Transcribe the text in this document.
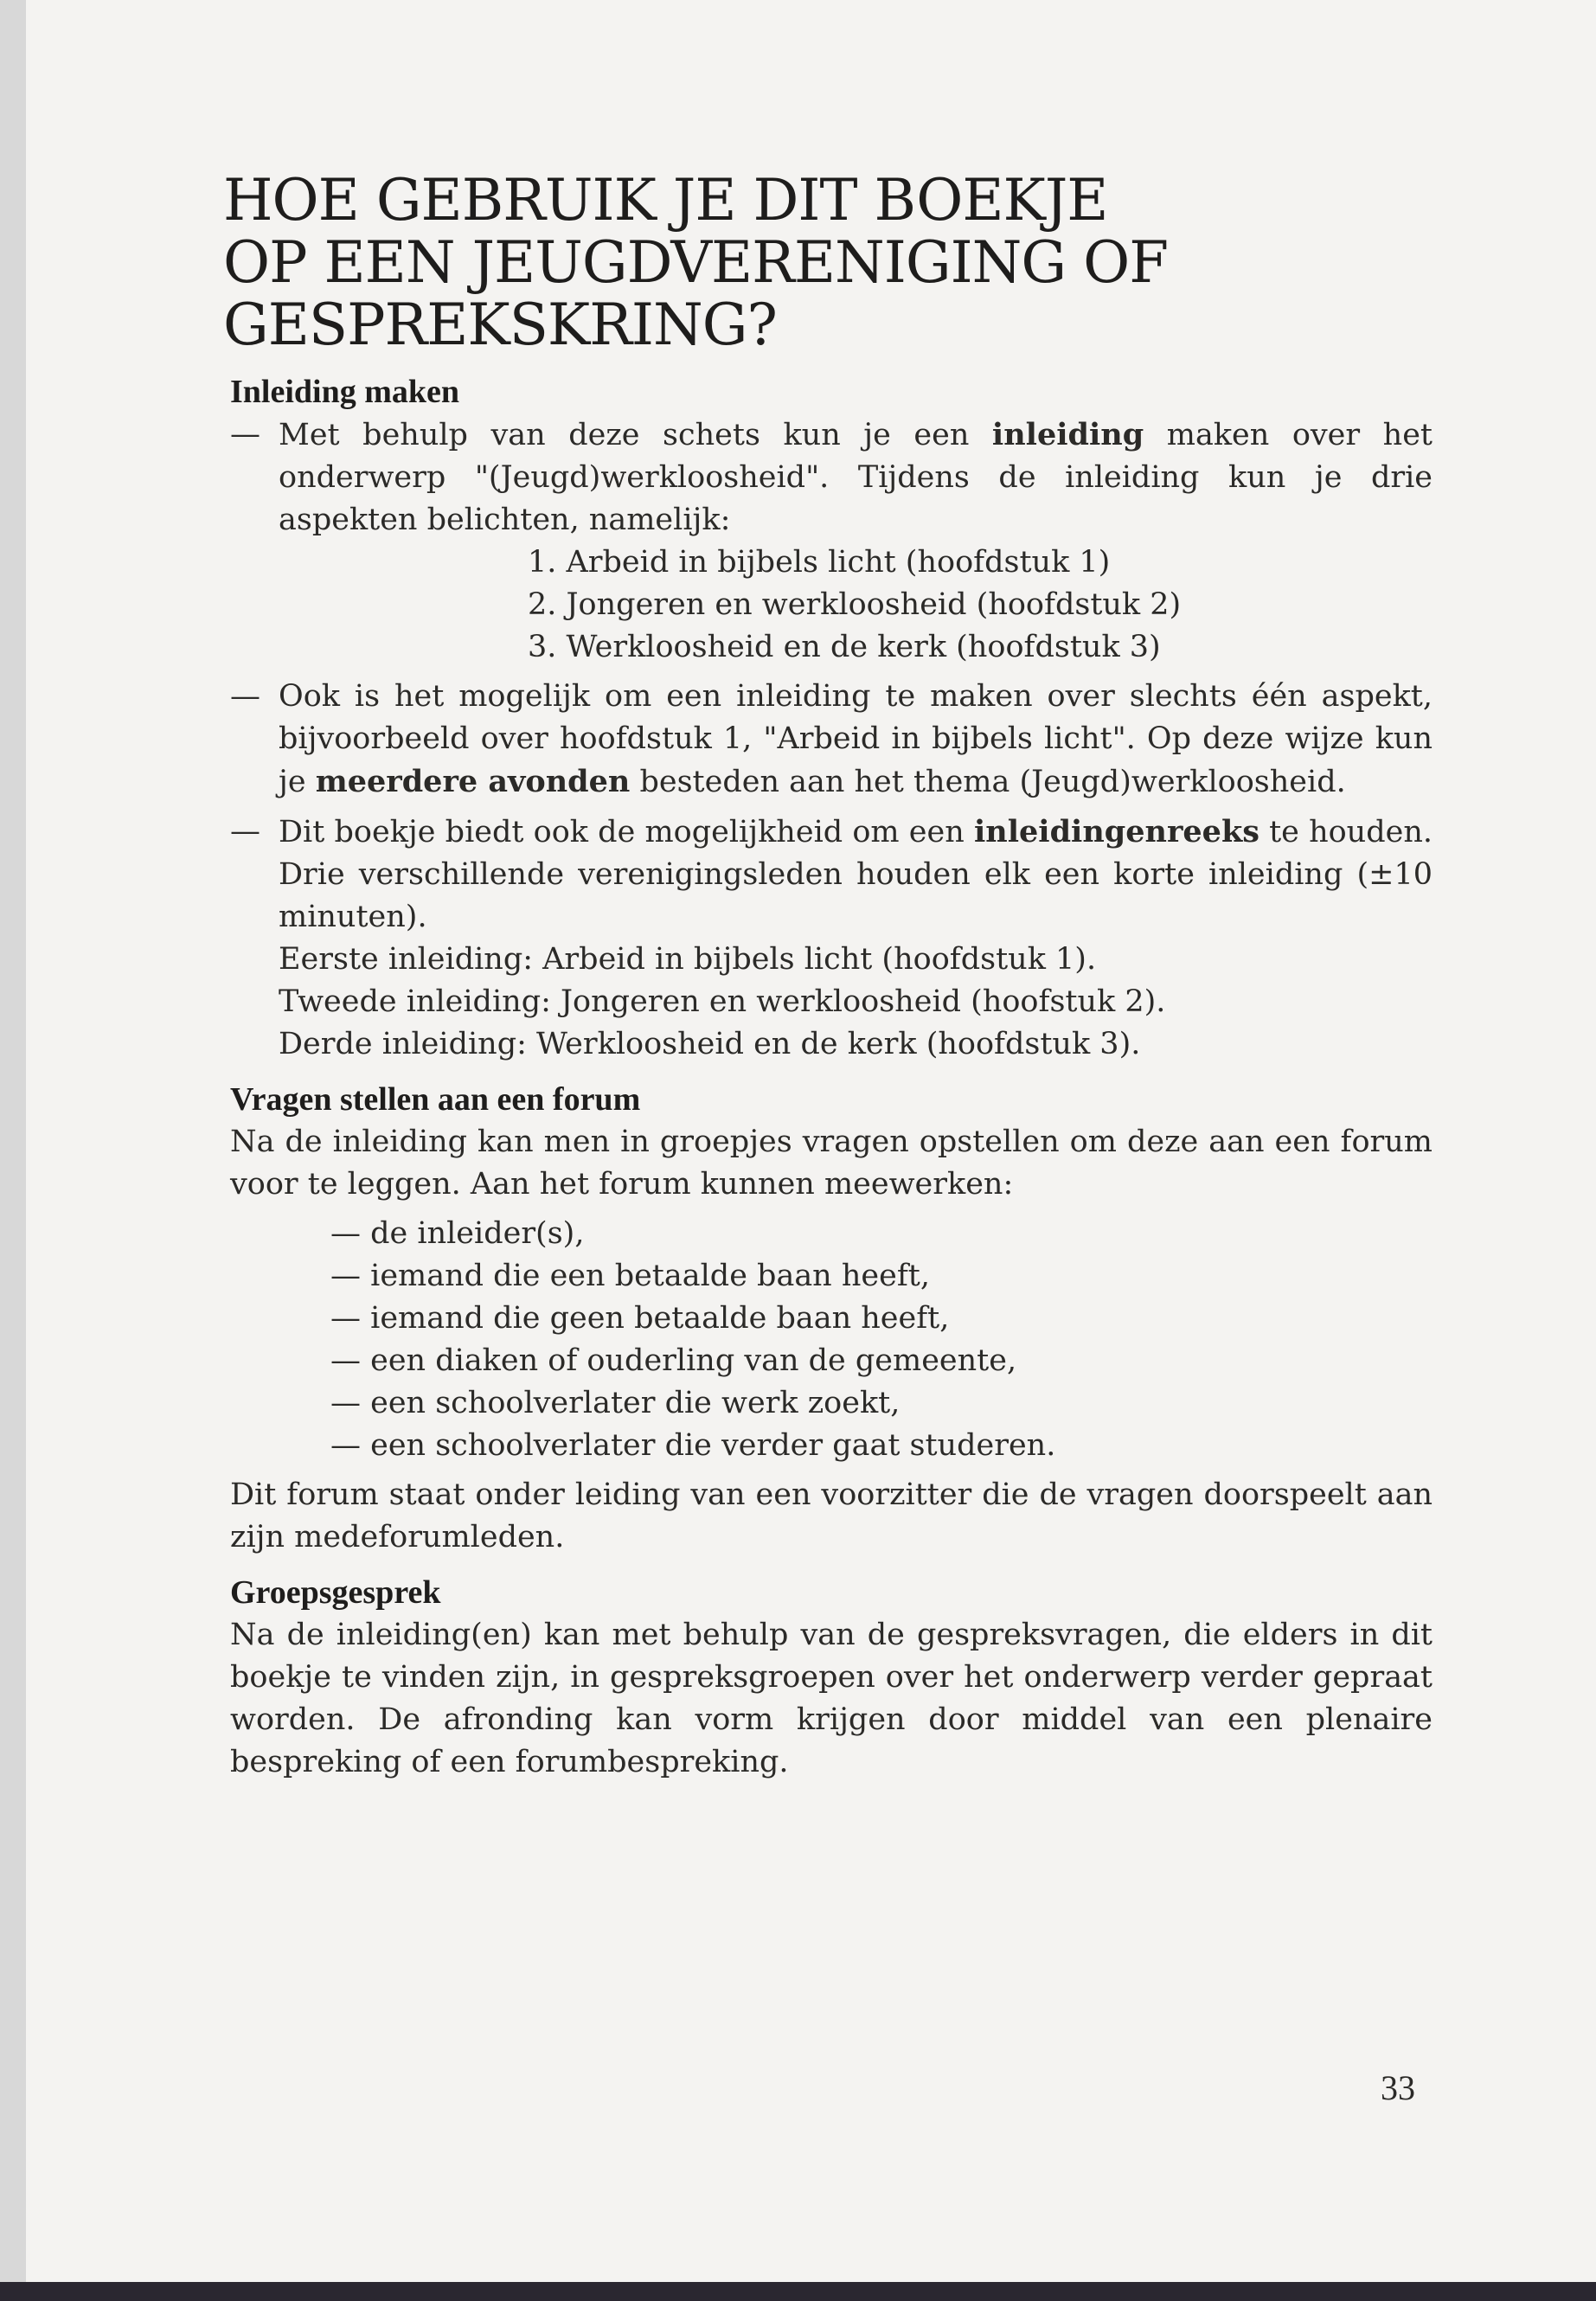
HOE GEBRUIK JE DIT BOEKJE
OP EEN JEUGDVERENIGING OF
GESPREKSKRING?
Inleiding maken
— Met behulp van deze schets kun je een inleiding maken over het onderwerp "(Jeugd)werkloosheid". Tijdens de inleiding kun je drie aspekten belichten, namelijk:
1. Arbeid in bijbels licht (hoofdstuk 1)
2. Jongeren en werkloosheid (hoofdstuk 2)
3. Werkloosheid en de kerk (hoofdstuk 3)
— Ook is het mogelijk om een inleiding te maken over slechts één aspekt, bijvoorbeeld over hoofdstuk 1, "Arbeid in bijbels licht". Op deze wijze kun je meerdere avonden besteden aan het thema (Jeugd)werkloosheid.
— Dit boekje biedt ook de mogelijkheid om een inleidingenreeks te houden. Drie verschillende verenigingsleden houden elk een korte inleiding (±10 minuten).
Eerste inleiding: Arbeid in bijbels licht (hoofdstuk 1).
Tweede inleiding: Jongeren en werkloosheid (hoofstuk 2).
Derde inleiding: Werkloosheid en de kerk (hoofdstuk 3).
Vragen stellen aan een forum

Na de inleiding kan men in groepjes vragen opstellen om deze aan een forum voor te leggen. Aan het forum kunnen meewerken:

— de inleider(s),
— iemand die een betaalde baan heeft,
— iemand die geen betaalde baan heeft,
— een diaken of ouderling van de gemeente,
— een schoolverlater die werk zoekt,
— een schoolverlater die verder gaat studeren.

Dit forum staat onder leiding van een voorzitter die de vragen doorspeelt aan zijn medeforumleden.

Groepsgesprek

Na de inleiding(en) kan met behulp van de gespreksvragen, die elders in dit boekje te vinden zijn, in gespreksgroepen over het onderwerp verder gepraat worden. De afronding kan vorm krijgen door middel van een plenaire bespreking of een forumbespreking.

33
